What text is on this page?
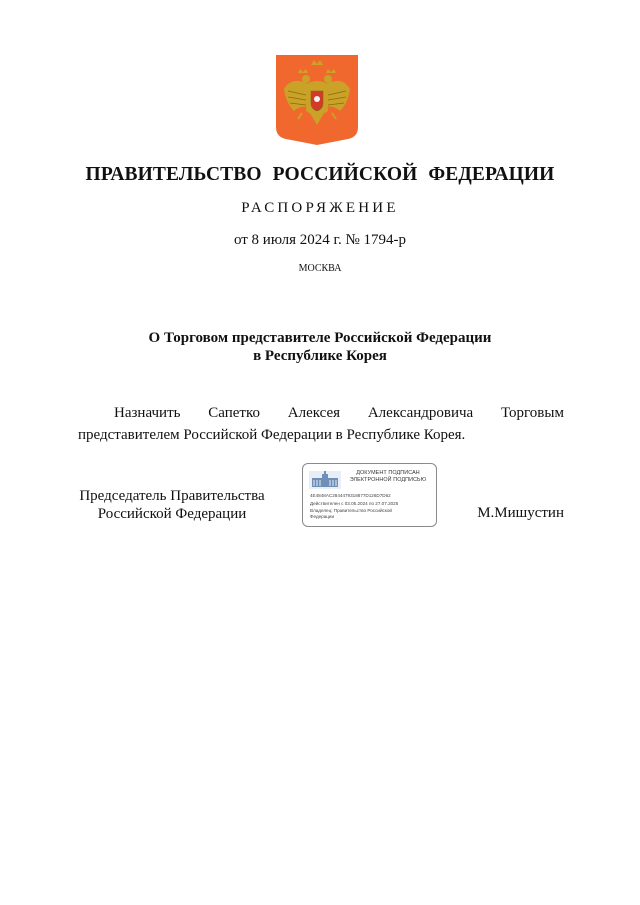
ПРАВИТЕЛЬСТВО РОССИЙСКОЙ ФЕДЕРАЦИИ
РАСПОРЯЖЕНИЕ
от 8 июля 2024 г. № 1794-р
МОСКВА
О Торговом представителе Российской Федерации
в Республике Корея
Назначить Сапетко Алексея Александровича Торговым
представителем Российской Федерации в Республике Корея.
Председатель Правительства
Российской Федерации
ДОКУМЕНТ ПОДПИСАН
ЭЛЕКТРОННОЙ ПОДПИСЬЮ
4E4848AC2844479318877D126D7D62
Действителен с 03.05.2024 по 27.07.2025
Владелец: Правительство Российской
Федерации	М.Мишустин
